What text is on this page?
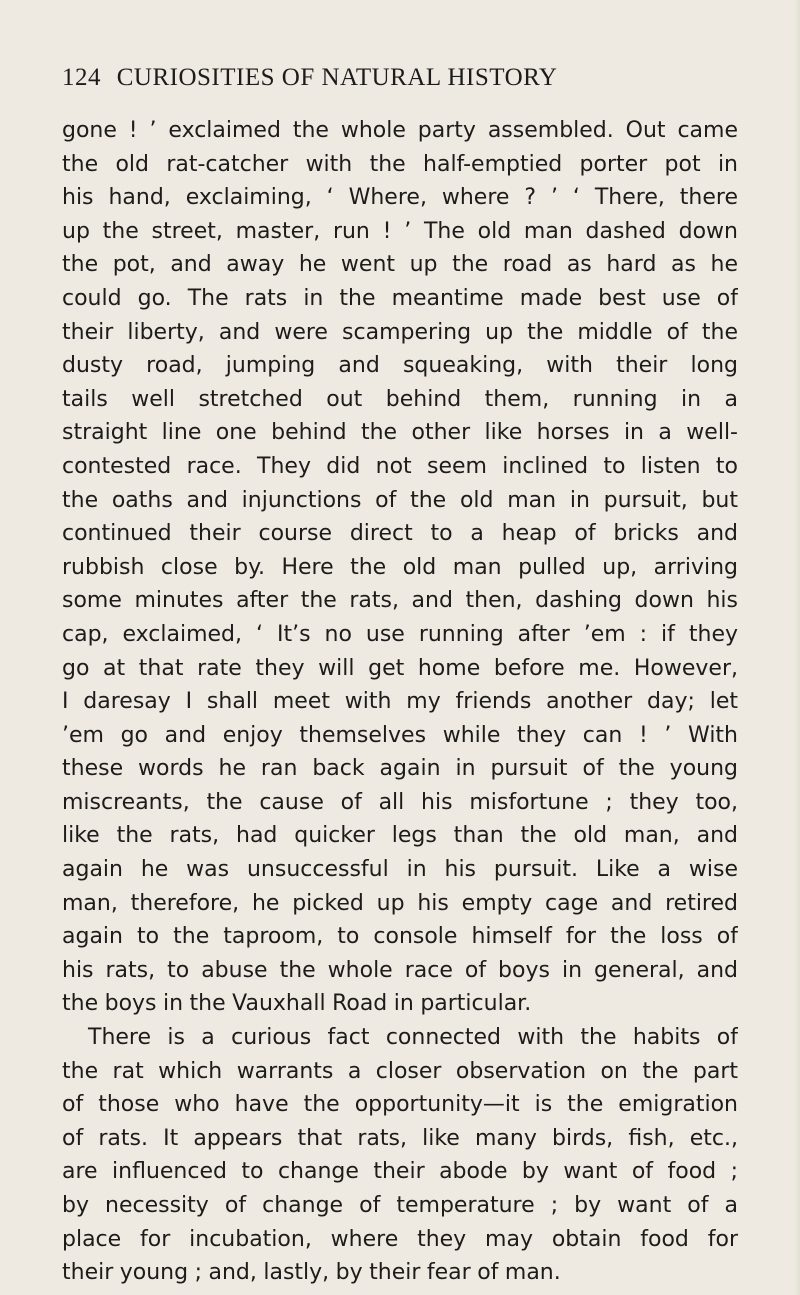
124 CURIOSITIES OF NATURAL HISTORY
gone ! ’ exclaimed the whole party assembled. Out came
the old rat-catcher with the half-emptied porter pot in
his hand, exclaiming, ‘ Where, where ? ’ ‘ There, there
up the street, master, run ! ’ The old man dashed down
the pot, and away he went up the road as hard as he
could go. The rats in the meantime made best use of
their liberty, and were scampering up the middle of the
dusty road, jumping and squeaking, with their long
tails well stretched out behind them, running in a
straight line one behind the other like horses in a well-
contested race. They did not seem inclined to listen to
the oaths and injunctions of the old man in pursuit, but
continued their course direct to a heap of bricks and
rubbish close by. Here the old man pulled up, arriving
some minutes after the rats, and then, dashing down his
cap, exclaimed, ‘ It’s no use running after ’em : if they
go at that rate they will get home before me. However,
I daresay I shall meet with my friends another day; let
’em go and enjoy themselves while they can ! ’ With
these words he ran back again in pursuit of the young
miscreants, the cause of all his misfortune ; they too,
like the rats, had quicker legs than the old man, and
again he was unsuccessful in his pursuit. Like a wise
man, therefore, he picked up his empty cage and retired
again to the taproom, to console himself for the loss of
his rats, to abuse the whole race of boys in general, and
the boys in the Vauxhall Road in particular.
There is a curious fact connected with the habits of
the rat which warrants a closer observation on the part
of those who have the opportunity—it is the emigration
of rats. It appears that rats, like many birds, fish, etc.,
are influenced to change their abode by want of food ;
by necessity of change of temperature ; by want of a
place for incubation, where they may obtain food for
their young ; and, lastly, by their fear of man.
